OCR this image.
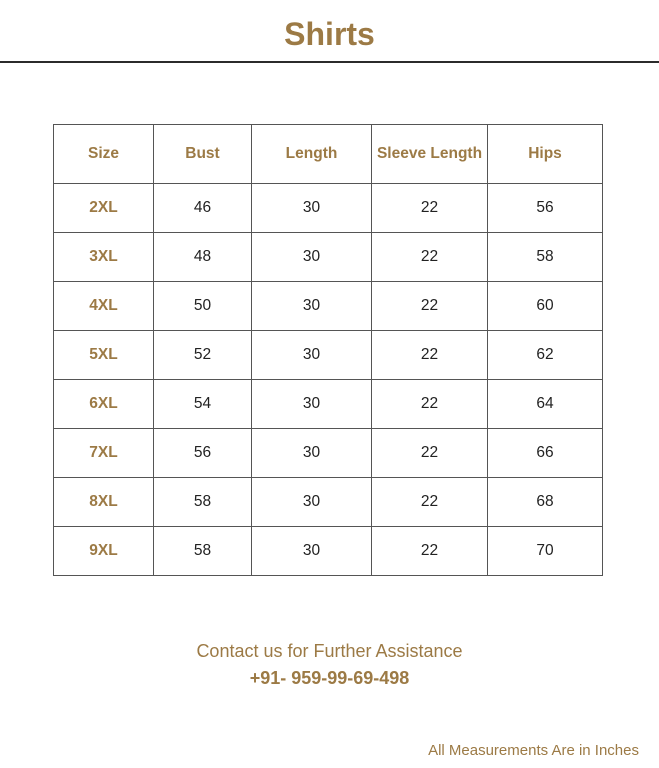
Shirts
Size	Bust	Length	Sleeve Length	Hips
2XL	46	30	22	56
3XL	48	30	22	58
4XL	50	30	22	60
5XL	52	30	22	62
6XL	54	30	22	64
7XL	56	30	22	66
8XL	58	30	22	68
9XL	58	30	22	70
Contact us for Further Assistance
+91- 959-99-69-498
All Measurements Are in Inches
